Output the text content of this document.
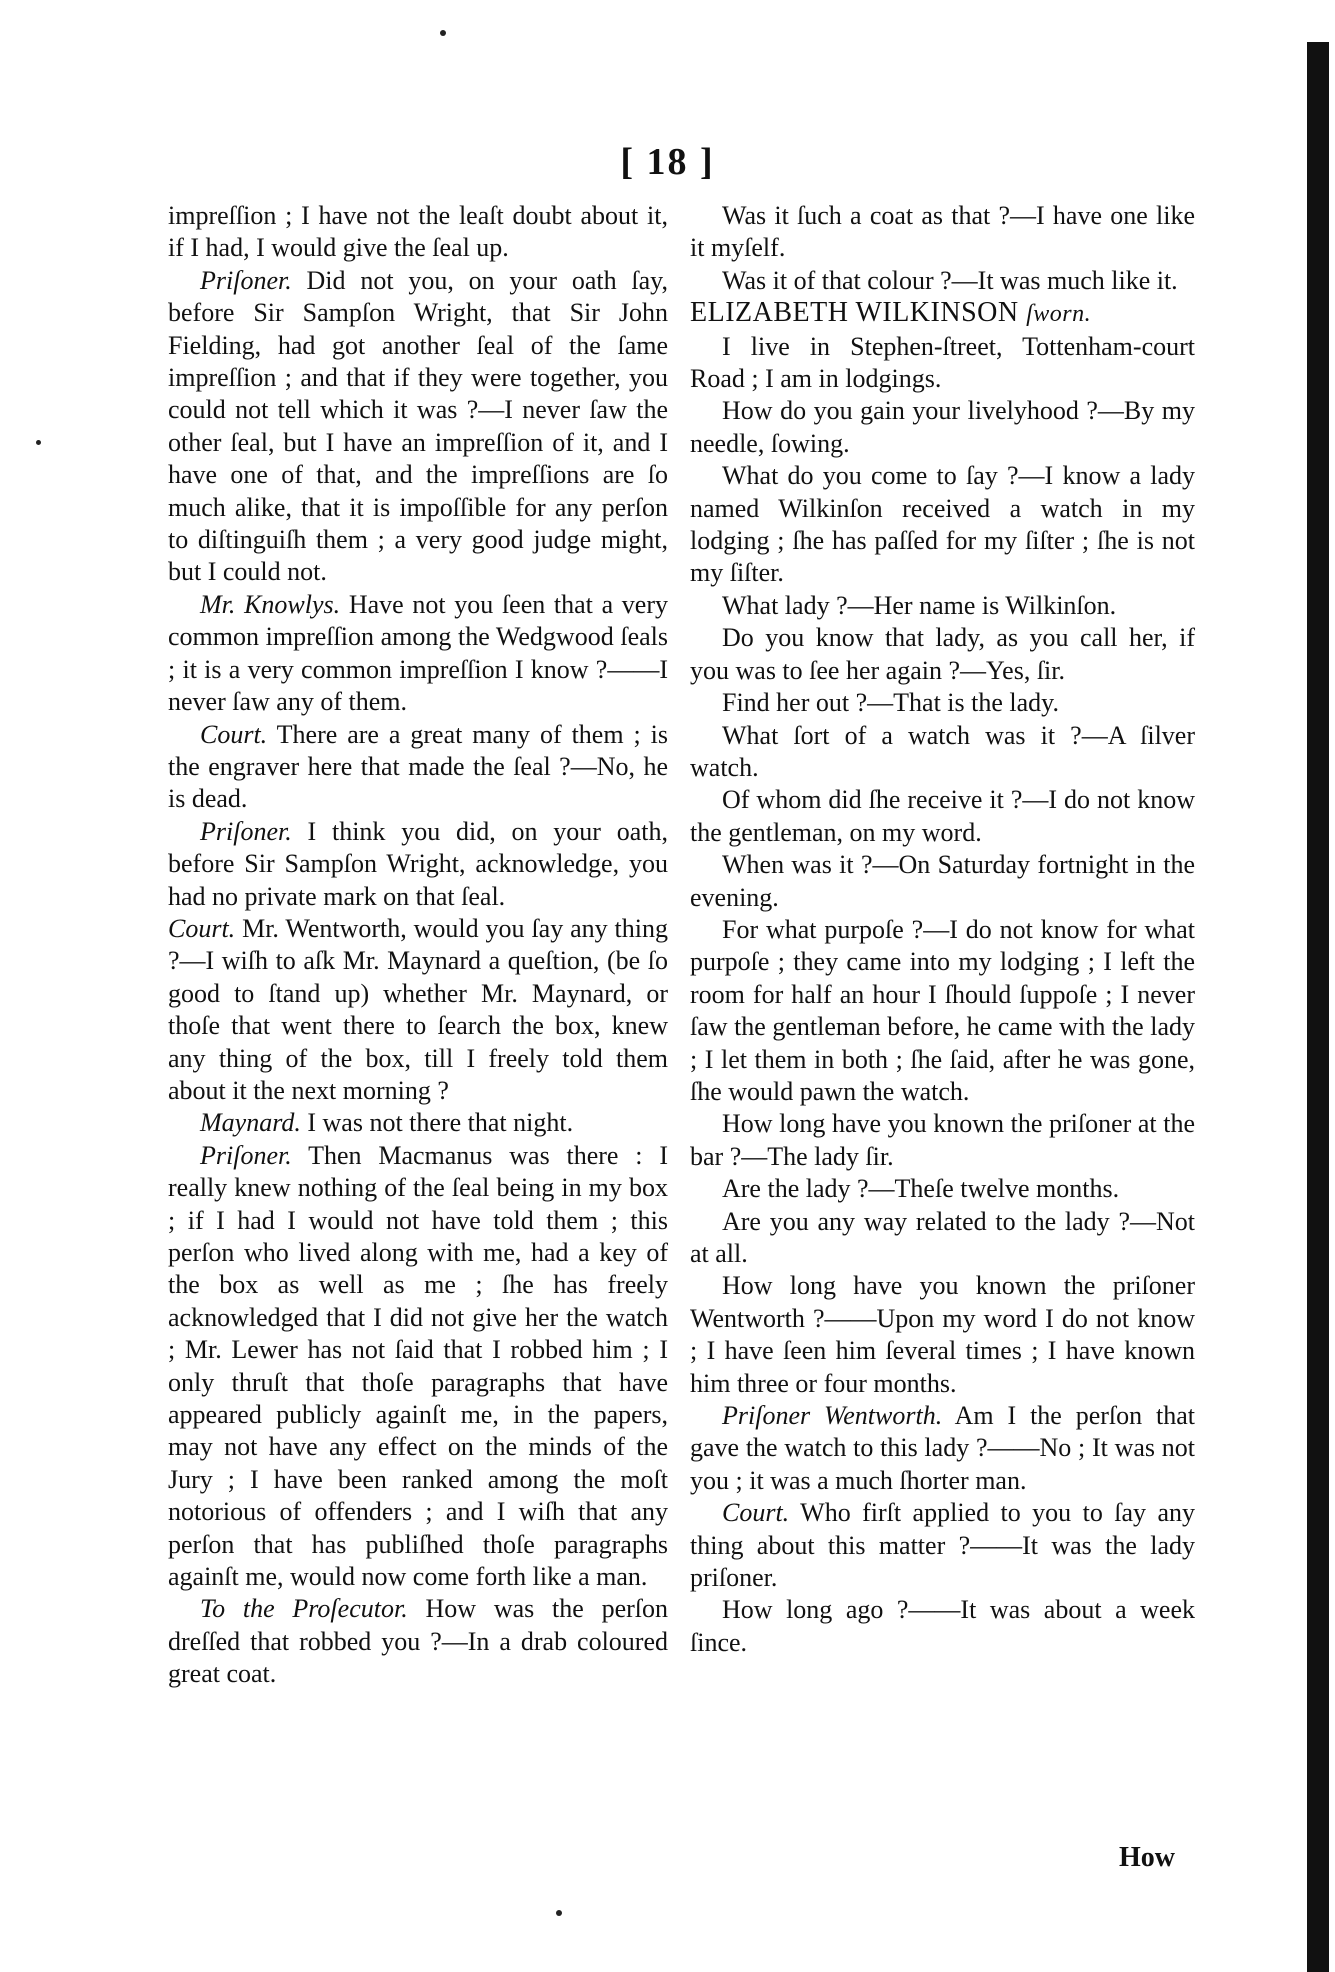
[ 18 ]

impreſſion ; I have not the leaſt doubt about it, if I had, I would give the ſeal up.

Priſoner. Did not you, on your oath ſay, before Sir Sampſon Wright, that Sir John Fielding, had got another ſeal of the ſame impreſſion ; and that if they were together, you could not tell which it was ?—I never ſaw the other ſeal, but I have an impreſſion of it, and I have one of that, and the impreſſions are ſo much alike, that it is impoſſible for any perſon to diſtinguiſh them ; a very good judge might, but I could not.

Mr. Knowlys. Have not you ſeen that a very common impreſſion among the Wedgwood ſeals ; it is a very common impreſſion I know ?——I never ſaw any of them.

Court. There are a great many of them ; is the engraver here that made the ſeal ?—No, he is dead.

Priſoner. I think you did, on your oath, before Sir Sampſon Wright, acknowledge, you had no private mark on that ſeal.

Court. Mr. Wentworth, would you ſay any thing ?—I wiſh to aſk Mr. Maynard a queſtion, (be ſo good to ſtand up) whether Mr. Maynard, or thoſe that went there to ſearch the box, knew any thing of the box, till I freely told them about it the next morning ?

Maynard. I was not there that night.

Priſoner. Then Macmanus was there : I really knew nothing of the ſeal being in my box ; if I had I would not have told them ; this perſon who lived along with me, had a key of the box as well as me ; ſhe has freely acknowledged that I did not give her the watch ; Mr. Lewer has not ſaid that I robbed him ; I only thruſt that thoſe paragraphs that have appeared publicly againſt me, in the papers, may not have any effect on the minds of the Jury ; I have been ranked among the moſt notorious of offenders ; and I wiſh that any perſon that has publiſhed thoſe paragraphs againſt me, would now come forth like a man.

To the Proſecutor. How was the perſon dreſſed that robbed you ?—In a drab coloured great coat.

Was it ſuch a coat as that ?—I have one like it myſelf.

Was it of that colour ?—It was much like it.

ELIZABETH WILKINSON ſworn.

I live in Stephen-ſtreet, Tottenham-court Road ; I am in lodgings.

How do you gain your livelyhood ?—By my needle, ſowing.

What do you come to ſay ?—I know a lady named Wilkinſon received a watch in my lodging ; ſhe has paſſed for my ſiſter ; ſhe is not my ſiſter.

What lady ?—Her name is Wilkinſon.

Do you know that lady, as you call her, if you was to ſee her again ?—Yes, ſir.

Find her out ?—That is the lady.

What ſort of a watch was it ?—A ſilver watch.

Of whom did ſhe receive it ?—I do not know the gentleman, on my word.

When was it ?—On Saturday fortnight in the evening.

For what purpoſe ?—I do not know for what purpoſe ; they came into my lodging ; I left the room for half an hour I ſhould ſuppoſe ; I never ſaw the gentleman before, he came with the lady ; I let them in both ; ſhe ſaid, after he was gone, ſhe would pawn the watch.

How long have you known the priſoner at the bar ?—The lady ſir.

Are the lady ?—Theſe twelve months.

Are you any way related to the lady ?—Not at all.

How long have you known the priſoner Wentworth ?——Upon my word I do not know ; I have ſeen him ſeveral times ; I have known him three or four months.

Priſoner Wentworth. Am I the perſon that gave the watch to this lady ?——No ; It was not you ; it was a much ſhorter man.

Court. Who firſt applied to you to ſay any thing about this matter ?——It was the lady priſoner.

How long ago ?——It was about a week ſince.

How
